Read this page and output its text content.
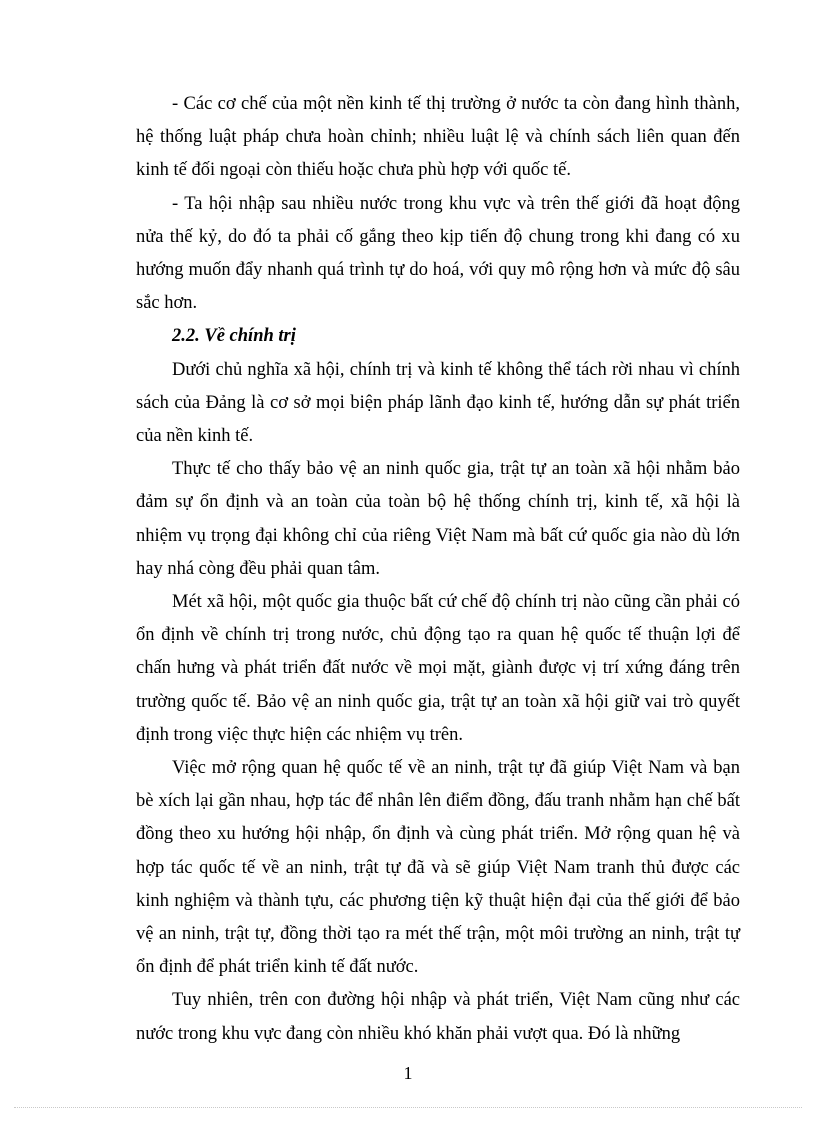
- Các cơ chế của một nền kinh tế thị trường ở nước ta còn đang hình thành, hệ thống luật pháp chưa hoàn chỉnh; nhiều luật lệ và chính sách liên quan đến kinh tế đối ngoại còn thiếu hoặc chưa phù hợp với quốc tế.

- Ta hội nhập sau nhiều nước trong khu vực và trên thế giới đã hoạt động nửa thế kỷ, do đó ta phải cố gắng theo kịp tiến độ chung trong khi đang có xu hướng muốn đẩy nhanh quá trình tự do hoá, với quy mô rộng hơn và mức độ sâu sắc hơn.

2.2. Về chính trị

Dưới chủ nghĩa xã hội, chính trị và kinh tế không thể tách rời nhau vì chính sách của Đảng là cơ sở mọi biện pháp lãnh đạo kinh tế, hướng dẫn sự phát triển của nền kinh tế.

Thực tế cho thấy bảo vệ an ninh quốc gia, trật tự an toàn xã hội nhằm bảo đảm sự ổn định và an toàn của toàn bộ hệ thống chính trị, kinh tế, xã hội là nhiệm vụ trọng đại không chỉ của riêng Việt Nam mà bất cứ quốc gia nào dù lớn hay nhá còng đều phải quan tâm.

Mét xã hội, một quốc gia thuộc bất cứ chế độ chính trị nào cũng cần phải có ổn định về chính trị trong nước, chủ động tạo ra quan hệ quốc tế thuận lợi để chấn hưng và phát triển đất nước về mọi mặt, giành được vị trí xứng đáng trên trường quốc tế. Bảo vệ an ninh quốc gia, trật tự an toàn xã hội giữ vai trò quyết định trong việc thực hiện các nhiệm vụ trên.

Việc mở rộng quan hệ quốc tế về an ninh, trật tự đã giúp Việt Nam và bạn bè xích lại gần nhau, hợp tác để nhân lên điểm đồng, đấu tranh nhằm hạn chế bất đồng theo xu hướng hội nhập, ổn định và cùng phát triển. Mở rộng quan hệ và hợp tác quốc tế về an ninh, trật tự đã và sẽ giúp Việt Nam tranh thủ được các kinh nghiệm và thành tựu, các phương tiện kỹ thuật hiện đại của thế giới để bảo vệ an ninh, trật tự, đồng thời tạo ra mét thế trận, một môi trường an ninh, trật tự ổn định để phát triển kinh tế đất nước.

Tuy nhiên, trên con đường hội nhập và phát triển, Việt Nam cũng như các nước trong khu vực đang còn nhiều khó khăn phải vượt qua. Đó là những

1
